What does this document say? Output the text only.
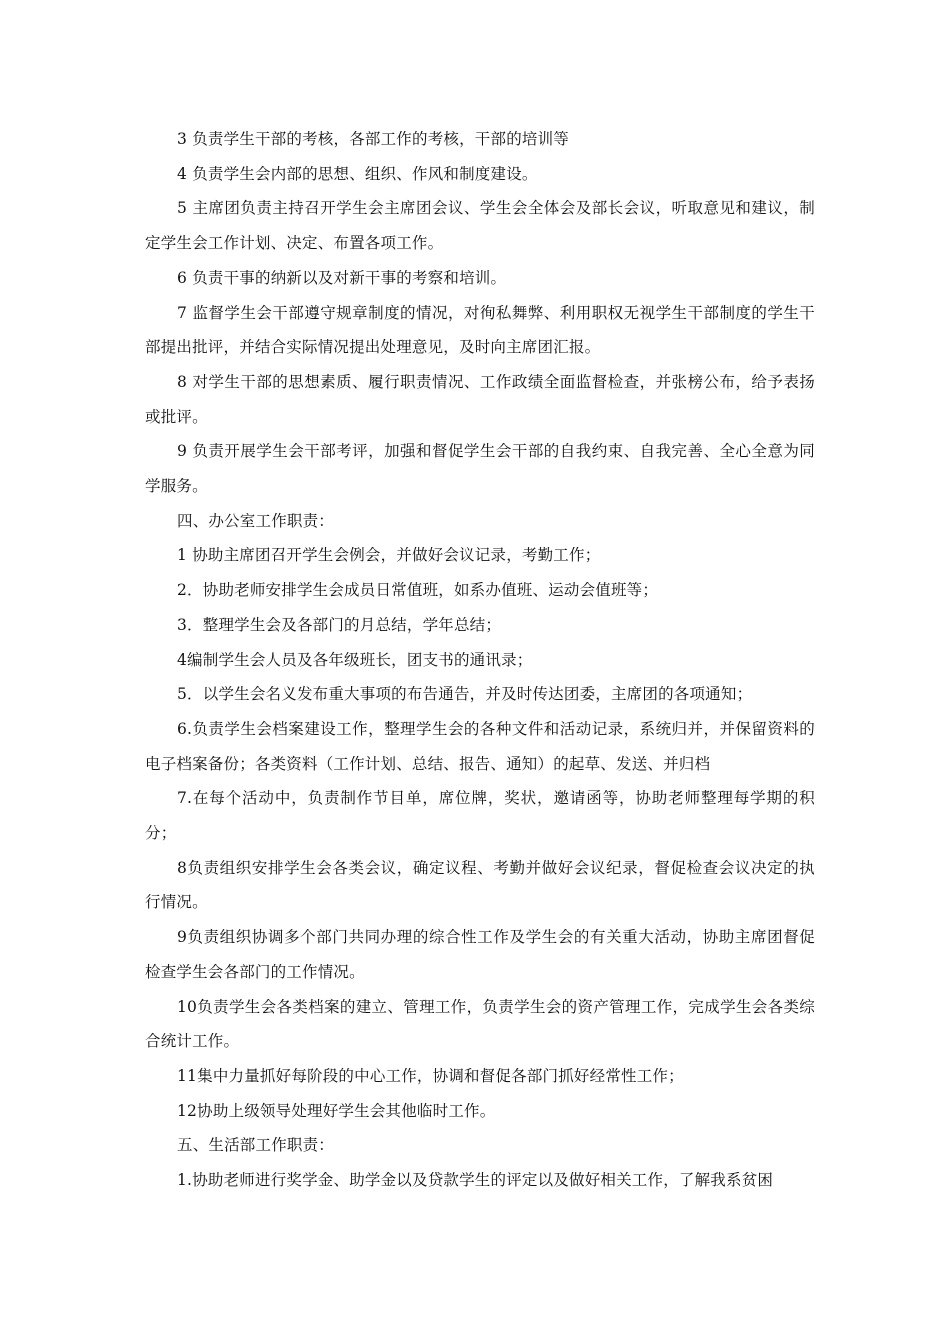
3 负责学生干部的考核，各部工作的考核，干部的培训等

4 负责学生会内部的思想、组织、作风和制度建设。

5 主席团负责主持召开学生会主席团会议、学生会全体会及部长会议，听取意见和建议，制定学生会工作计划、决定、布置各项工作。

6 负责干事的纳新以及对新干事的考察和培训。

7 监督学生会干部遵守规章制度的情况，对徇私舞弊、利用职权无视学生干部制度的学生干部提出批评，并结合实际情况提出处理意见，及时向主席团汇报。

8 对学生干部的思想素质、履行职责情况、工作政绩全面监督检查，并张榜公布，给予表扬或批评。

9 负责开展学生会干部考评，加强和督促学生会干部的自我约束、自我完善、全心全意为同学服务。

四、办公室工作职责：

1 协助主席团召开学生会例会，并做好会议记录，考勤工作；

2．协助老师安排学生会成员日常值班，如系办值班、运动会值班等；

3．整理学生会及各部门的月总结，学年总结；

4编制学生会人员及各年级班长，团支书的通讯录；

5．以学生会名义发布重大事项的布告通告，并及时传达团委，主席团的各项通知；

6.负责学生会档案建设工作，整理学生会的各种文件和活动记录，系统归并，并保留资料的电子档案备份；各类资料（工作计划、总结、报告、通知）的起草、发送、并归档

7.在每个活动中，负责制作节目单，席位牌，奖状，邀请函等，协助老师整理每学期的积分；

8负责组织安排学生会各类会议，确定议程、考勤并做好会议纪录，督促检查会议决定的执行情况。

9负责组织协调多个部门共同办理的综合性工作及学生会的有关重大活动，协助主席团督促检查学生会各部门的工作情况。

10负责学生会各类档案的建立、管理工作，负责学生会的资产管理工作，完成学生会各类综合统计工作。

11集中力量抓好每阶段的中心工作，协调和督促各部门抓好经常性工作；

12协助上级领导处理好学生会其他临时工作。

五、生活部工作职责：

1.协助老师进行奖学金、助学金以及贷款学生的评定以及做好相关工作，了解我系贫困
